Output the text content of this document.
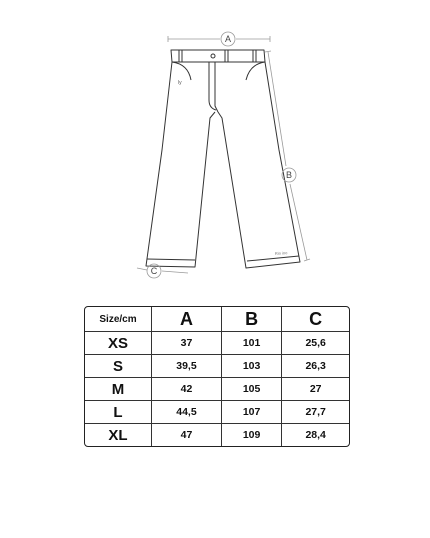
A
ly
Rin ino
B
C
Size/cm	A	B	C
XS	37	101	25,6
S	39,5	103	26,3
M	42	105	27
L	44,5	107	27,7
XL	47	109	28,4
